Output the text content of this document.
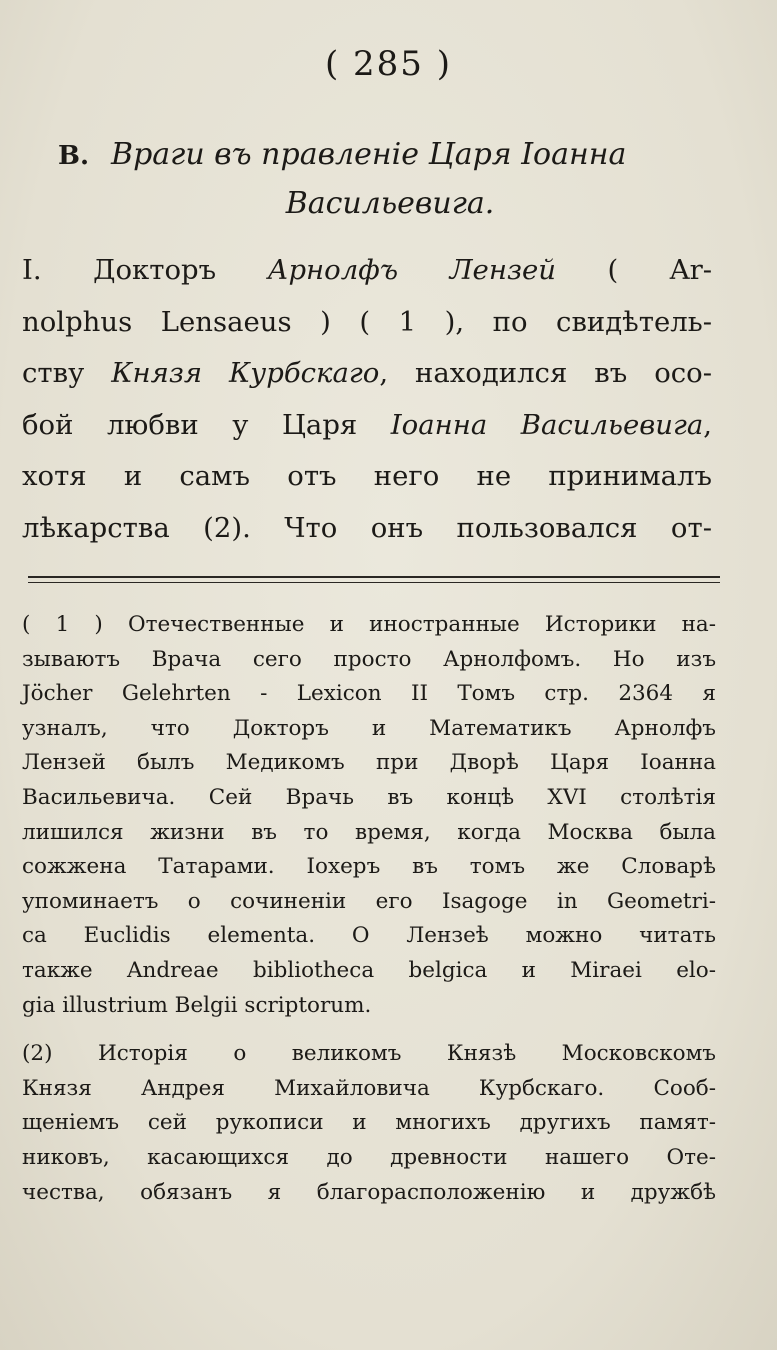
( 285 )
В. Враги въ правленіе Царя Іоанна
Васильевига.
І. Докторъ Арнолфъ Лензей ( Ar-
nolphus Lensaeus ) ( 1 ), по свидѣтель-
ству Князя Курбскаго, находился въ осо-
бой любви у Царя Іоанна Васильевига,
хотя и самъ отъ него не принималъ
лѣкарства (2). Что онъ пользовался от-
( 1 ) Отечественные и иностранные Историки на-
зываютъ Врача сего просто Арнолфомъ. Но изъ
Jöcher Gelehrten - Lexicon II Томъ стр. 2364 я
узналъ, что Докторъ и Математикъ Арнолфъ
Лензей былъ Медикомъ при Дворѣ Царя Іоанна
Васильевича. Сей Врачь въ концѣ XVI столѣтія
лишился жизни въ то время, когда Москва была
сожжена Татарами. Іохеръ въ томъ же Словарѣ
упоминаетъ о сочиненіи его Isagoge in Geometri-
ca Euclidis elementa. О Лензеѣ можно читать
также Andreae bibliotheca belgica и Miraei elo-
gia illustrium Belgii scriptorum.
(2) Исторія о великомъ Князѣ Московскомъ
Князя Андрея Михайловича Курбскаго. Сооб-
щеніемъ сей рукописи и многихъ другихъ памят-
никовъ, касающихся до древности нашего Оте-
чества, обязанъ я благорасположенію и дружбѣ
